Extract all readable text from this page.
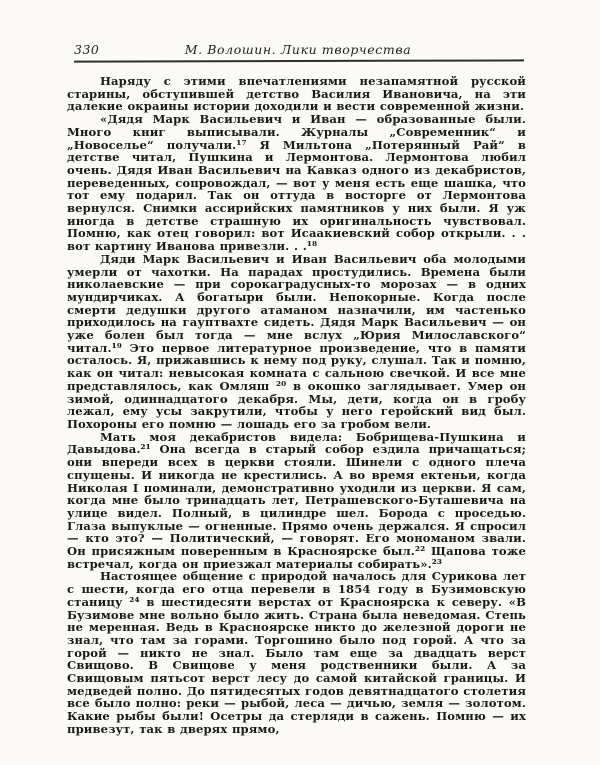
330	М. Волошин. Лики творчества

Наряду с этими впечатлениями незапамятной русской старины, обступившей детство Василия Ивановича, на эти далекие окраины истории доходили и вести современной жизни.

«Дядя Марк Васильевич и Иван — образованные были. Много книг выписывали. Журналы „Современник“ и „Новоселье“ получали.¹⁷ Я Мильтона „Потерянный Рай“ в детстве читал, Пушкина и Лермонтова. Лермонтова любил очень. Дядя Иван Васильевич на Кавказ одного из декабристов, переведенных, сопровождал, — вот у меня есть еще шашка, что тот ему подарил. Так он оттуда в восторге от Лермонтова вернулся. Снимки ассирийских памятников у них были. Я уж иногда в детстве страшную их оригинальность чувствовал. Помню, как отец говорил: вот Исаакиевский собор открыли. . . вот картину Иванова привезли. . .¹⁸

Дяди Марк Васильевич и Иван Васильевич оба молодыми умерли от чахотки. На парадах простудились. Времена были николаевские — при сорокаградусных-то морозах — в одних мундирчиках. А богатыри были. Непокорные. Когда после смерти дедушки другого атаманом назначили, им частенько приходилось на гауптвахте сидеть. Дядя Марк Васильевич — он уже болен был тогда — мне вслух „Юрия Милославского“ читал.¹⁹ Это первое литературное произведение, что в памяти осталось. Я, прижавшись к нему под руку, слушал. Так и помню, как он читал: невысокая комната с сальною свечкой. И все мне представлялось, как Омляш ²⁰ в окошко заглядывает. Умер он зимой, одиннадцатого декабря. Мы, дети, когда он в гробу лежал, ему усы закрутили, чтобы у него геройский вид был. Похороны его помню — лошадь его за гробом вели.

Мать моя декабристов видела: Бобрищева-Пушкина и Давыдова.²¹ Она всегда в старый собор ездила причащаться; они впереди всех в церкви стояли. Шинели с одного плеча спущены. И никогда не крестились. А во время ектеньи, когда Николая I поминали, демонстративно уходили из церкви. Я сам, когда мне было тринадцать лет, Петрашевского-Буташевича на улице видел. Полный, в цилиндре шел. Борода с проседью. Глаза выпуклые — огненные. Прямо очень держался. Я спросил — кто это? — Политический, — говорят. Его мономаном звали. Он присяжным поверенным в Красноярске был.²² Щапова тоже встречал, когда он приезжал материалы собирать».²³

Настоящее общение с природой началось для Сурикова лет с шести, когда его отца перевели в 1854 году в Бузимовскую станицу ²⁴ в шестидесяти верстах от Красноярска к северу. «В Бузимове мне вольно было жить. Страна была неведомая. Степь не меренная. Ведь в Красноярске никто до железной дороги не знал, что там за горами. Торгошино было под горой. А что за горой — никто не знал. Было там еще за двадцать верст Свищово. В Свищове у меня родственники были. А за Свищовым пятьсот верст лесу до самой китайской границы. И медведей полно. До пятидесятых годов девятнадцатого столетия все было полно: реки — рыбой, леса — дичью, земля — золотом. Какие рыбы были! Осетры да стерляди в сажень. Помню — их привезут, так в дверях прямо,
